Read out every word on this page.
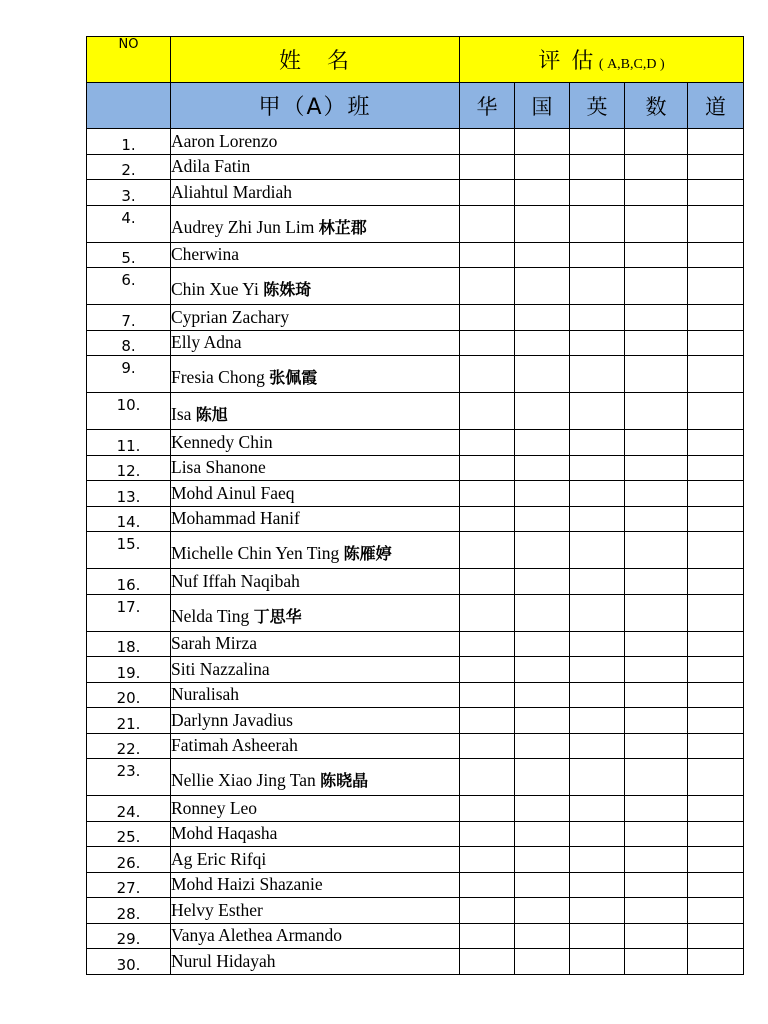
NO	姓　名	评 估 ( A,B,C,D )				
	甲（A）班	华	国	英	数	道
1.	Aaron Lorenzo					
2.	Adila Fatin					
3.	Aliahtul Mardiah					
4.	Audrey Zhi Jun Lim 林芷郡					
5.	Cherwina					
6.	Chin Xue Yi 陈姝琦					
7.	Cyprian Zachary					
8.	Elly Adna					
9.	Fresia Chong 张佩霞					
10.	Isa 陈旭					
11.	Kennedy Chin					
12.	Lisa Shanone					
13.	Mohd Ainul Faeq					
14.	Mohammad Hanif					
15.	Michelle Chin Yen Ting 陈雁婷					
16.	Nuf Iffah Naqibah					
17.	Nelda Ting 丁思华					
18.	Sarah Mirza					
19.	Siti Nazzalina					
20.	Nuralisah					
21.	Darlynn Javadius					
22.	Fatimah Asheerah					
23.	Nellie Xiao Jing Tan 陈晓晶					
24.	Ronney Leo					
25.	Mohd Haqasha					
26.	Ag Eric Rifqi					
27.	Mohd Haizi Shazanie					
28.	Helvy Esther					
29.	Vanya Alethea Armando					
30.	Nurul Hidayah					
